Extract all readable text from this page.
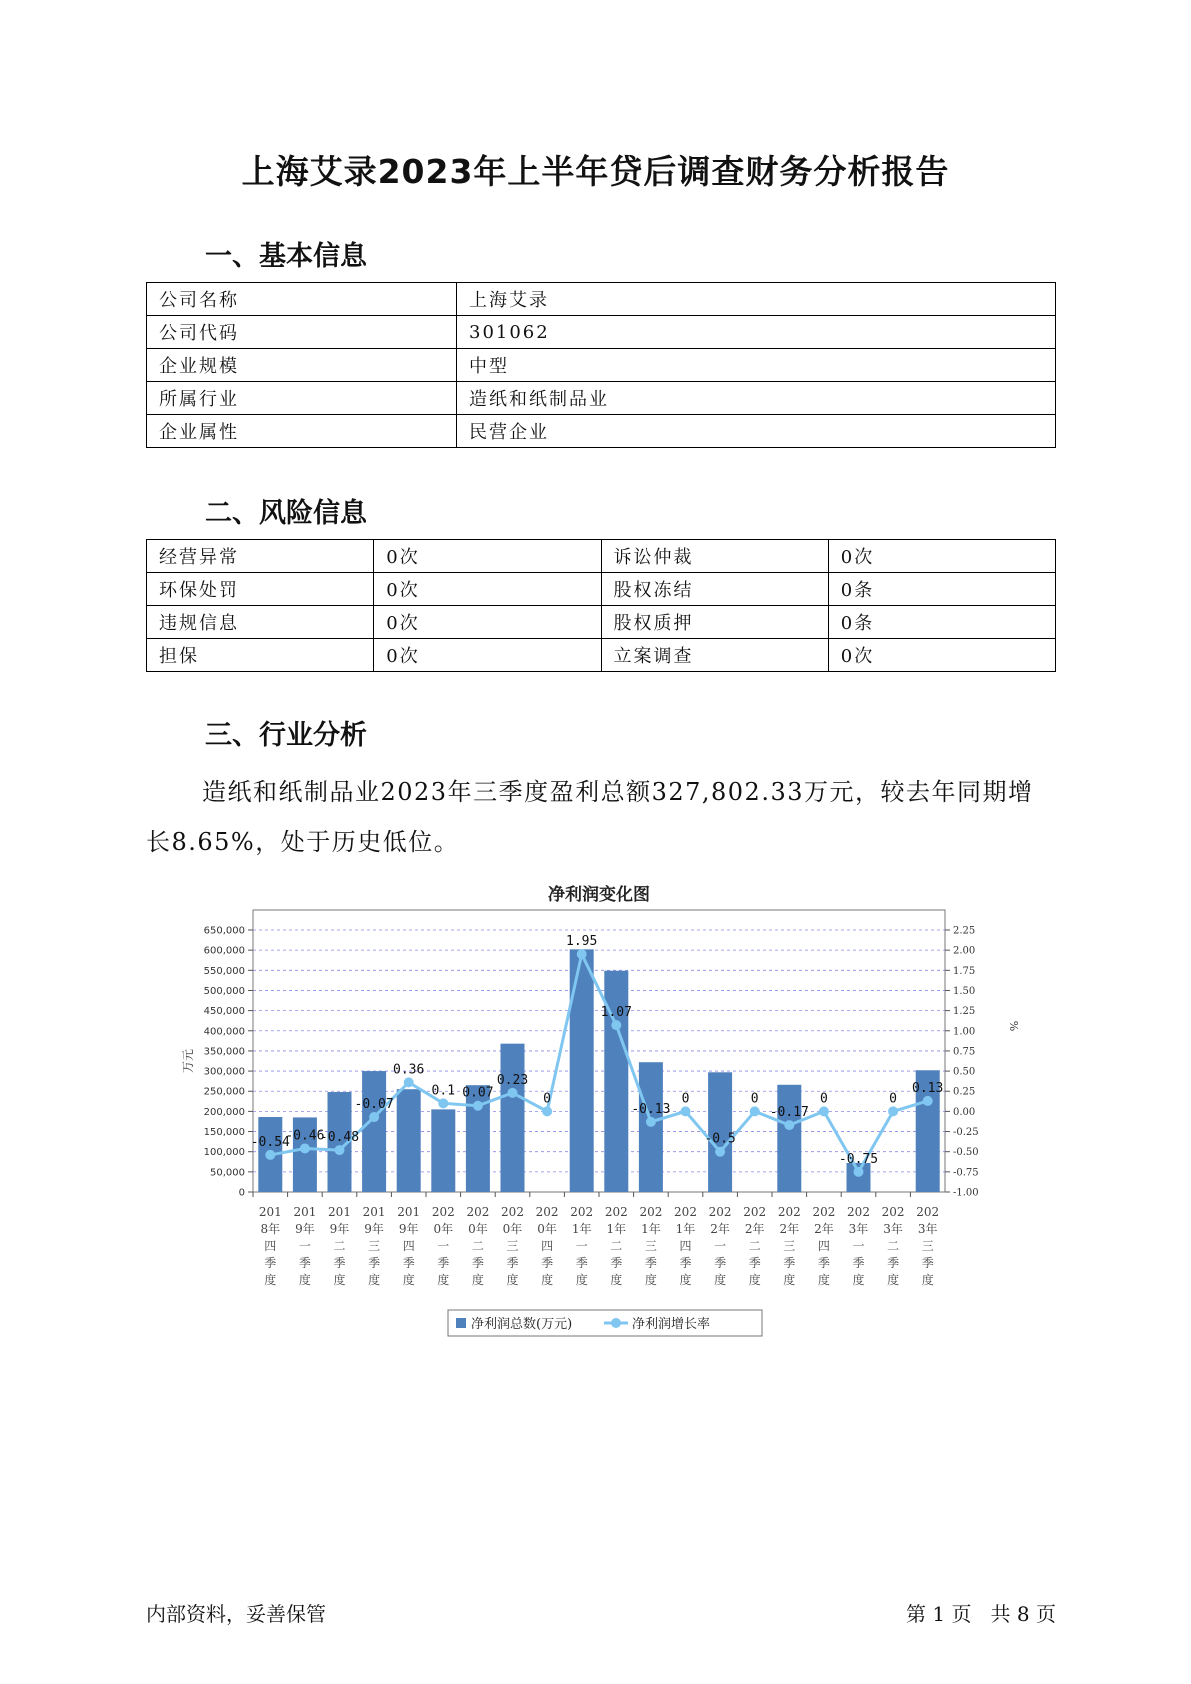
上海艾录2023年上半年贷后调查财务分析报告
一、基本信息
公司名称	上海艾录
公司代码	301062
企业规模	中型
所属行业	造纸和纸制品业
企业属性	民营企业
二、风险信息
经营异常	0次	诉讼仲裁	0次
环保处罚	0次	股权冻结	0条
违规信息	0次	股权质押	0条
担保	0次	立案调查	0次
三、行业分析

造纸和纸制品业2023年三季度盈利总额327,802.33万元，较去年同期增长8.65%，处于历史低位。

净利润变化图
0
50,000
100,000
150,000
200,000
250,000
300,000
350,000
400,000
450,000
500,000
550,000
600,000
650,000
-1.00
-0.75
-0.50
-0.25
0.00
0.25
0.50
0.75
1.00
1.25
1.50
1.75
2.00
2.25
万元
%
201
8年
四
季
度
201
9年
一
季
度
201
9年
二
季
度
201
9年
三
季
度
201
9年
四
季
度
202
0年
一
季
度
202
0年
二
季
度
202
0年
三
季
度
202
0年
四
季
度
202
1年
一
季
度
202
1年
二
季
度
202
1年
三
季
度
202
1年
四
季
度
202
2年
一
季
度
202
2年
二
季
度
202
2年
三
季
度
202
2年
四
季
度
202
3年
一
季
度
202
3年
二
季
度
202
3年
三
季
度
-0.54
-0.46
-0.48
-0.07
0.36
0.1 0.07
0.23
0
1.95
1.07
-0.13
0
-0.5
0
-0.17
0
-0.75
0
0.13
净利润总数(万元)	净利润增长率
内部资料，妥善保管	第 1 页   共 8 页
